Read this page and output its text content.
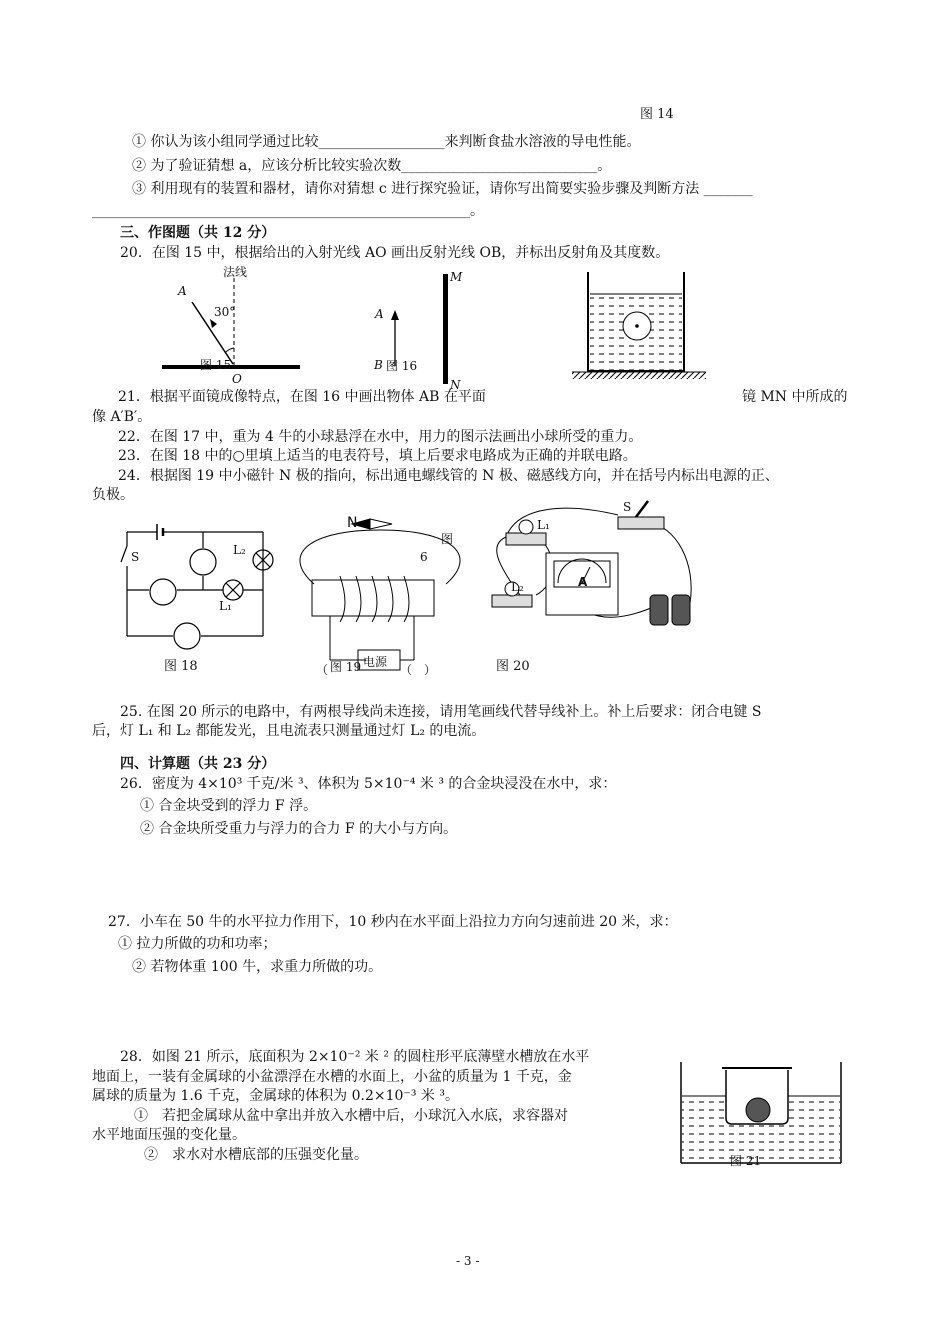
图 14
① 你认为该小组同学通过比较__________________来判断食盐水溶液的导电性能。
② 为了验证猜想 a，应该分析比较实验次数____________________________。
③ 利用现有的装置和器材，请你对猜想 c 进行探究验证，请你写出简要实验步骤及判断方法 _______
______________________________________________________。
三、作图题（共 12 分）
20．在图 15 中，根据给出的入射光线 AO 画出反射光线 OB，并标出反射角及其度数。
21．根据平面镜成像特点，在图 16 中画出物体 AB 在平面	镜 MN 中所成的
像 A′B′。
22．在图 17 中，重为 4 牛的小球悬浮在水中，用力的图示法画出小球所受的重力。
23．在图 18 中的○里填上适当的电表符号，填上后要求电路成为正确的并联电路。
24．根据图 19 中小磁针 N 极的指向，标出通电螺线管的 N 极、磁感线方向，并在括号内标出电源的正、
负极。
25. 在图 20 所示的电路中，有两根导线尚未连接，请用笔画线代替导线补上。补上后要求：闭合电键 S
后，灯 L₁ 和 L₂ 都能发光，且电流表只测量通过灯 L₂ 的电流。
四、计算题（共 23 分）
26．密度为 4×10³ 千克/米 ³、体积为 5×10⁻⁴ 米 ³ 的合金块浸没在水中，求：
① 合金块受到的浮力 F 浮。
② 合金块所受重力与浮力的合力 F 的大小与方向。
27．小车在 50 牛的水平拉力作用下，10 秒内在水平面上沿拉力方向匀速前进 20 米，求：
① 拉力所做的功和功率；
② 若物体重 100 牛，求重力所做的功。
28．如图 21 所示，底面积为 2×10⁻² 米 ² 的圆柱形平底薄壁水槽放在水平
地面上，一装有金属球的小盆漂浮在水槽的水面上，小盆的质量为 1 千克，金
属球的质量为 1.6 千克，金属球的体积为 0.2×10⁻³ 米 ³。
①　若把金属球从盆中拿出并放入水槽中后，小球沉入水底，求容器对
水平地面压强的变化量。
②　求水对水槽底部的压强变化量。
- 3 -
法线
A
30°
图 15
O
M
N
A
B 图 16
S	L₂
L₁
图 18
N
图
6
电源
（	（　）
图 19
L₁
L₂
S
A
图 20
图 21
